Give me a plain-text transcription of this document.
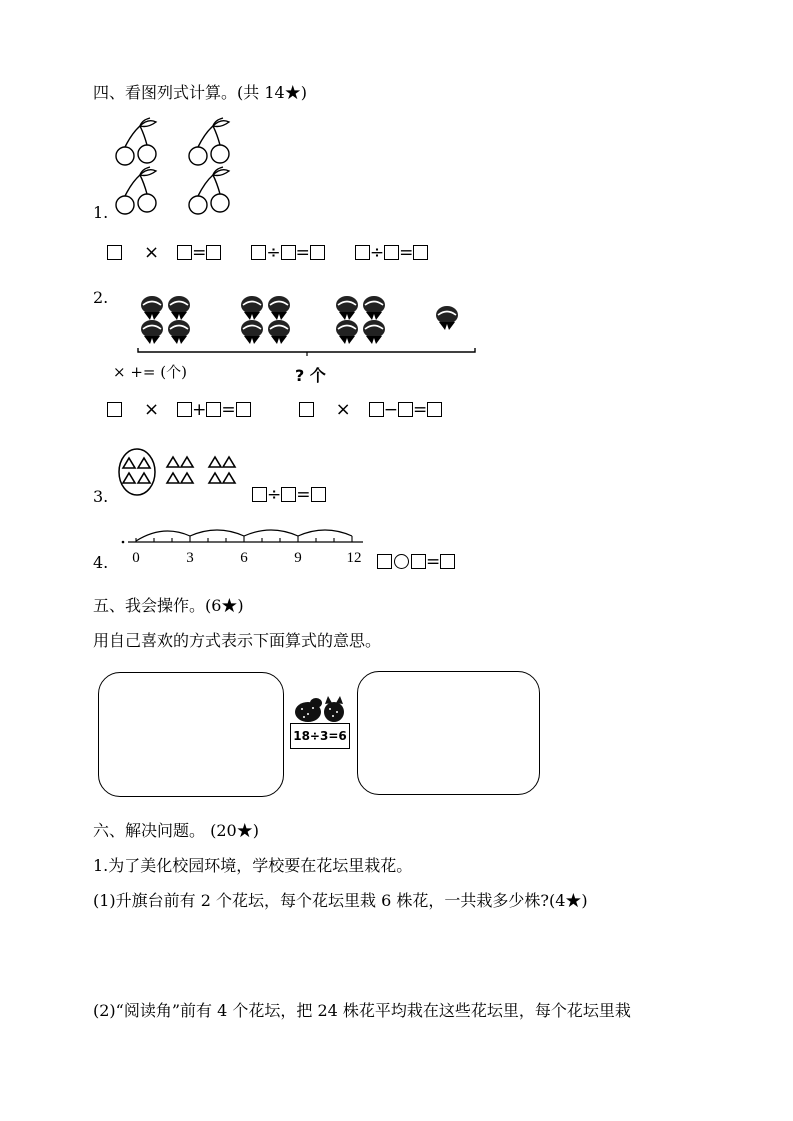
四、看图列式计算。(共 14★)
1.
× =	÷ =	÷ =
2.
× += (个)	? 个
× + =	× − =
3.	÷ =
4. 0	3	6	9	12	=
五、我会操作。(6★)
用自己喜欢的方式表示下面算式的意思。
18÷3=6
六、解决问题。 (20★)
1.为了美化校园环境，学校要在花坛里栽花。
(1)升旗台前有 2 个花坛，每个花坛里栽 6 株花，一共栽多少株?(4★)
(2)“阅读角”前有 4 个花坛，把 24 株花平均栽在这些花坛里，每个花坛里栽
